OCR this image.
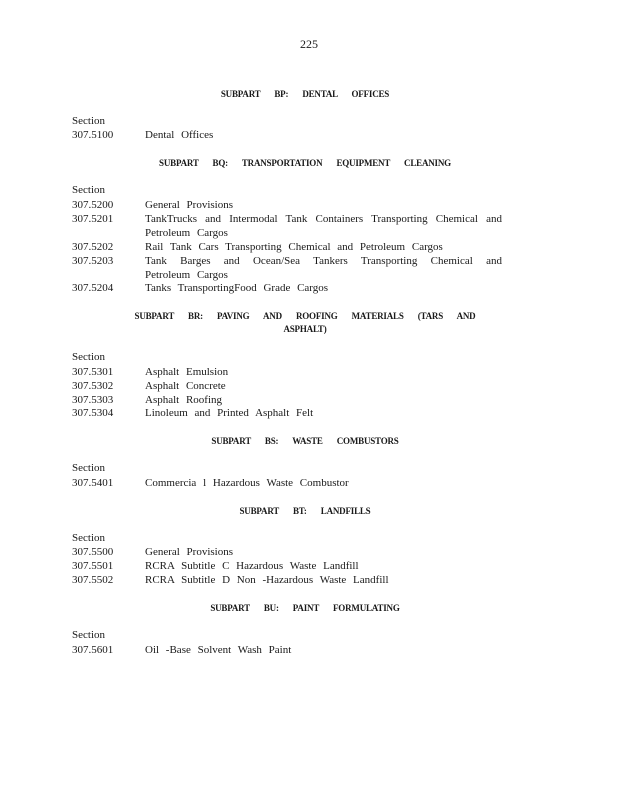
225
SUBPART BP: DENTAL OFFICES
Section
307.5100	Dental Offices
SUBPART BQ: TRANSPORTATION EQUIPMENT CLEANING
Section
307.5200	General Provisions
307.5201	TankTrucks and Intermodal Tank Containers Transporting Chemical and Petroleum Cargos
307.5202	Rail Tank Cars Transporting Chemical and Petroleum Cargos
307.5203	Tank Barges and Ocean/Sea Tankers Transporting Chemical and Petroleum Cargos
307.5204	Tanks TransportingFood Grade Cargos
SUBPART BR: PAVING AND ROOFING MATERIALS (TARS AND ASPHALT)
Section
307.5301	Asphalt Emulsion
307.5302	Asphalt Concrete
307.5303	Asphalt Roofing
307.5304	Linoleum and Printed Asphalt Felt
SUBPART BS: WASTE COMBUSTORS
Section
307.5401	Commercia l Hazardous Waste Combustor
SUBPART BT: LANDFILLS
Section
307.5500	General Provisions
307.5501	RCRA Subtitle C Hazardous Waste Landfill
307.5502	RCRA Subtitle D Non -Hazardous Waste Landfill
SUBPART BU: PAINT FORMULATING
Section
307.5601	Oil -Base Solvent Wash Paint
